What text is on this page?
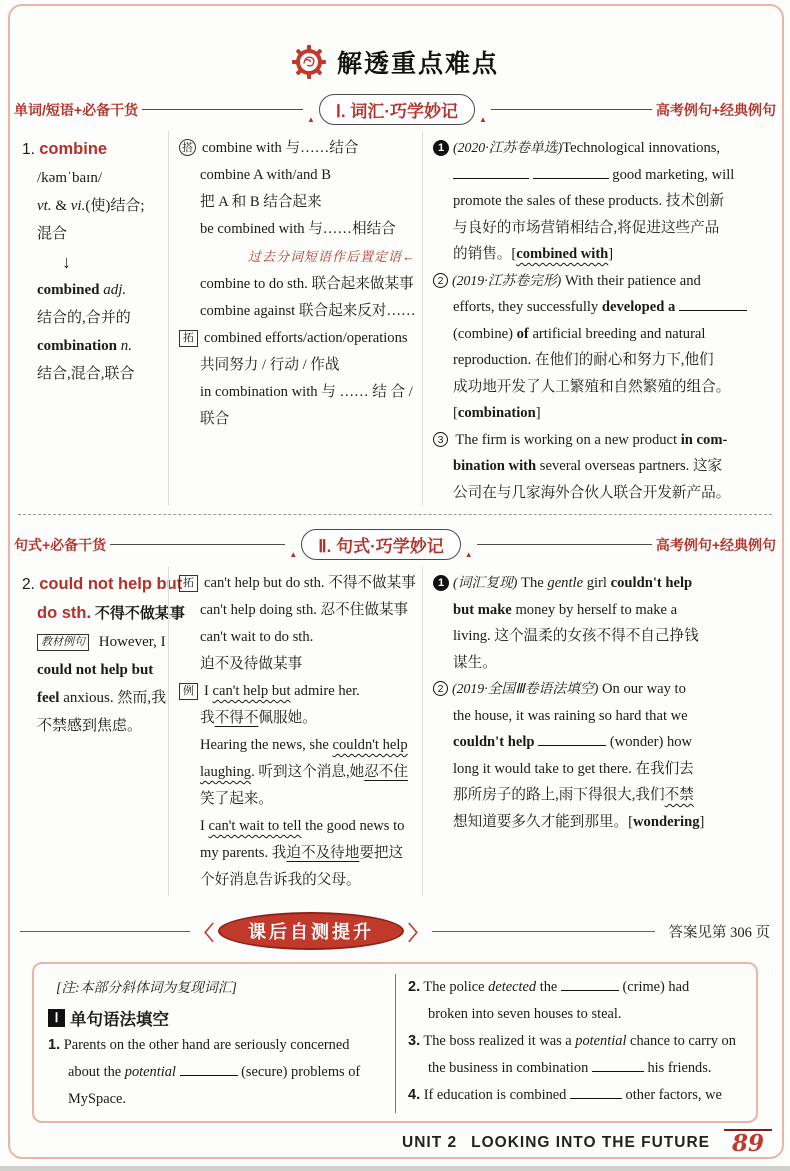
解透重点难点
单词/短语+必备干货
▲	Ⅰ. 词汇·巧学妙记	▲
高考例句+经典例句
1. combine
/kəmˈbaɪn/
vt. & vi.(使)结合;
混合
↓
combined adj.
结合的,合并的
combination n.
结合,混合,联合
搭 combine with 与……结合
combine A with/and B
把 A 和 B 结合起来
be combined with 与……相结合
过去分词短语作后置定语←
combine to do sth. 联合起来做某事
combine against 联合起来反对……
拓 combined efforts/action/operations
共同努力 / 行动 / 作战
in combination with 与 …… 结 合 /
联合
1 (2020·江苏卷单选)Technological innovations,
good marketing, will
promote the sales of these products. 技术创新
与良好的市场营销相结合,将促进这些产品
的销售。[combined with]
2 (2019·江苏卷完形) With their patience and
efforts, they successfully developed a
(combine) of artificial breeding and natural
reproduction. 在他们的耐心和努力下,他们
成功地开发了人工繁殖和自然繁殖的组合。
[combination]
3 The firm is working on a new product in com-
bination with several overseas partners. 这家
公司在与几家海外合伙人联合开发新产品。
句式+必备干货
▲	Ⅱ. 句式·巧学妙记	▲
高考例句+经典例句
2. could not help but
do sth. 不得不做某事
教材例句 However, I
could not help but
feel anxious. 然而,我
不禁感到焦虑。
拓 can't help but do sth. 不得不做某事
can't help doing sth. 忍不住做某事
can't wait to do sth.
迫不及待做某事
例 I can't help but admire her.
我不得不佩服她。
Hearing the news, she couldn't help
laughing. 听到这个消息,她忍不住
笑了起来。
I can't wait to tell the good news to
my parents. 我迫不及待地要把这
个好消息告诉我的父母。
1 (词汇复现) The gentle girl couldn't help
but make money by herself to make a
living. 这个温柔的女孩不得不自己挣钱
谋生。
2 (2019·全国Ⅲ卷语法填空) On our way to
the house, it was raining so hard that we
couldn't help	(wonder) how
long it would take to get there. 在我们去
那所房子的路上,雨下得很大,我们不禁
想知道要多久才能到那里。[wondering]
〈	课后自测提升	〉	答案见第 306 页
[注:本部分斜体词为复现词汇]
Ⅰ 单句语法填空
1. Parents on the other hand are seriously concerned
about the potential	(secure) problems of
MySpace.
2. The police detected the	(crime) had
broken into seven houses to steal.
3. The boss realized it was a potential chance to carry on
the business in combination	his friends.
4. If education is combined	other factors, we
UNIT 2 LOOKING INTO THE FUTURE 89
